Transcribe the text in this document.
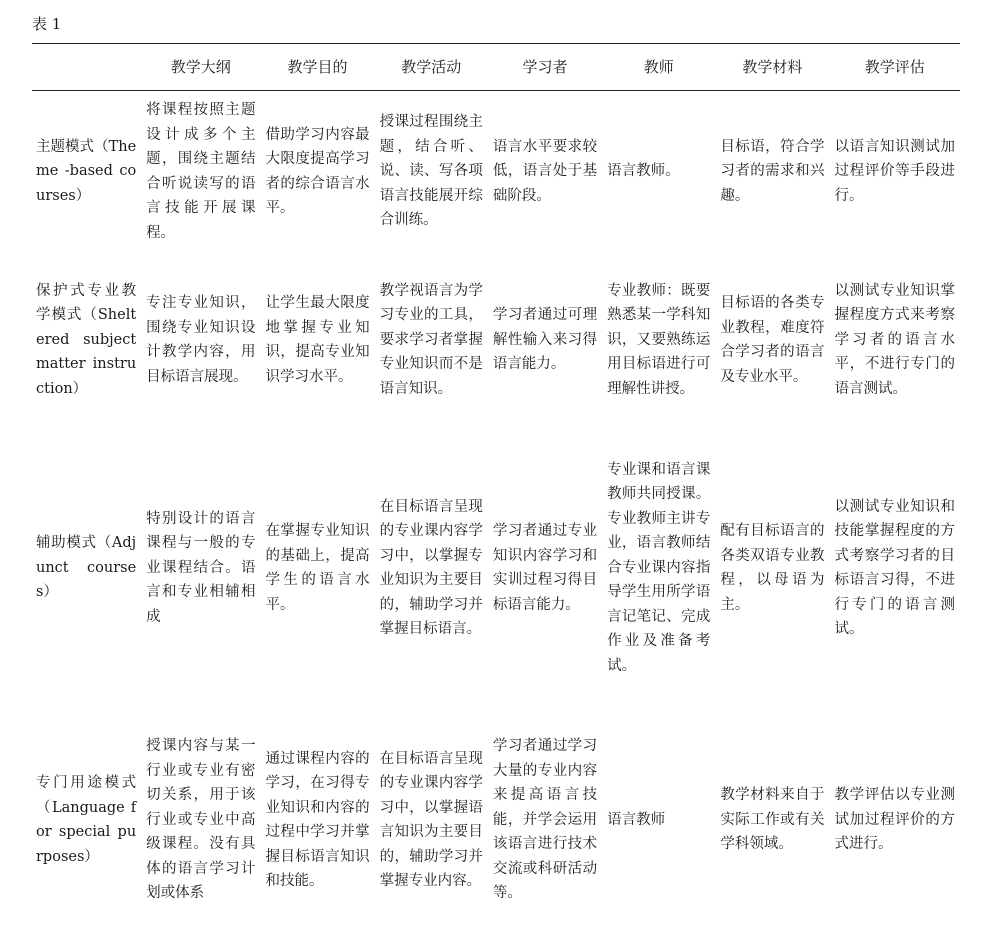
表 1
	教学大纲	教学目的	教学活动	学习者	教师	教学材料	教学评估
主题模式（Theme -based courses）	将课程按照主题设计成多个主题，围绕主题结合听说读写的语言技能开展课程。	借助学习内容最大限度提高学习者的综合语言水平。	授课过程围绕主题，结合听、说、读、写各项语言技能展开综合训练。	语言水平要求较低，语言处于基础阶段。	语言教师。	目标语，符合学习者的需求和兴趣。	以语言知识测试加过程评价等手段进行。
保护式专业教学模式（Sheltered subject matter instruction）	专注专业知识，围绕专业知识设计教学内容，用目标语言展现。	让学生最大限度地掌握专业知识，提高专业知识学习水平。	教学视语言为学习专业的工具，要求学习者掌握专业知识而不是语言知识。	学习者通过可理解性输入来习得语言能力。	专业教师：既要熟悉某一学科知识，又要熟练运用目标语进行可理解性讲授。	目标语的各类专业教程，难度符合学习者的语言及专业水平。	以测试专业知识掌握程度方式来考察学习者的语言水平，不进行专门的语言测试。
辅助模式（Adjunct courses）	特别设计的语言课程与一般的专业课程结合。语言和专业相辅相成	在掌握专业知识的基础上，提高学生的语言水平。	在目标语言呈现的专业课内容学习中，以掌握专业知识为主要目的，辅助学习并掌握目标语言。	学习者通过专业知识内容学习和实训过程习得目标语言能力。	专业课和语言课教师共同授课。专业教师主讲专业，语言教师结合专业课内容指导学生用所学语言记笔记、完成作业及准备考试。	配有目标语言的各类双语专业教程，以母语为主。	以测试专业知识和技能掌握程度的方式考察学习者的目标语言习得，不进行专门的语言测试。
专门用途模式（Language for special purposes）	授课内容与某一行业或专业有密切关系，用于该行业或专业中高级课程。没有具体的语言学习计划或体系	通过课程内容的学习，在习得专业知识和内容的过程中学习并掌握目标语言知识和技能。	在目标语言呈现的专业课内容学习中，以掌握语言知识为主要目的，辅助学习并掌握专业内容。	学习者通过学习大量的专业内容来提高语言技能，并学会运用该语言进行技术交流或科研活动等。	语言教师	教学材料来自于实际工作或有关学科领域。	教学评估以专业测试加过程评价的方式进行。
